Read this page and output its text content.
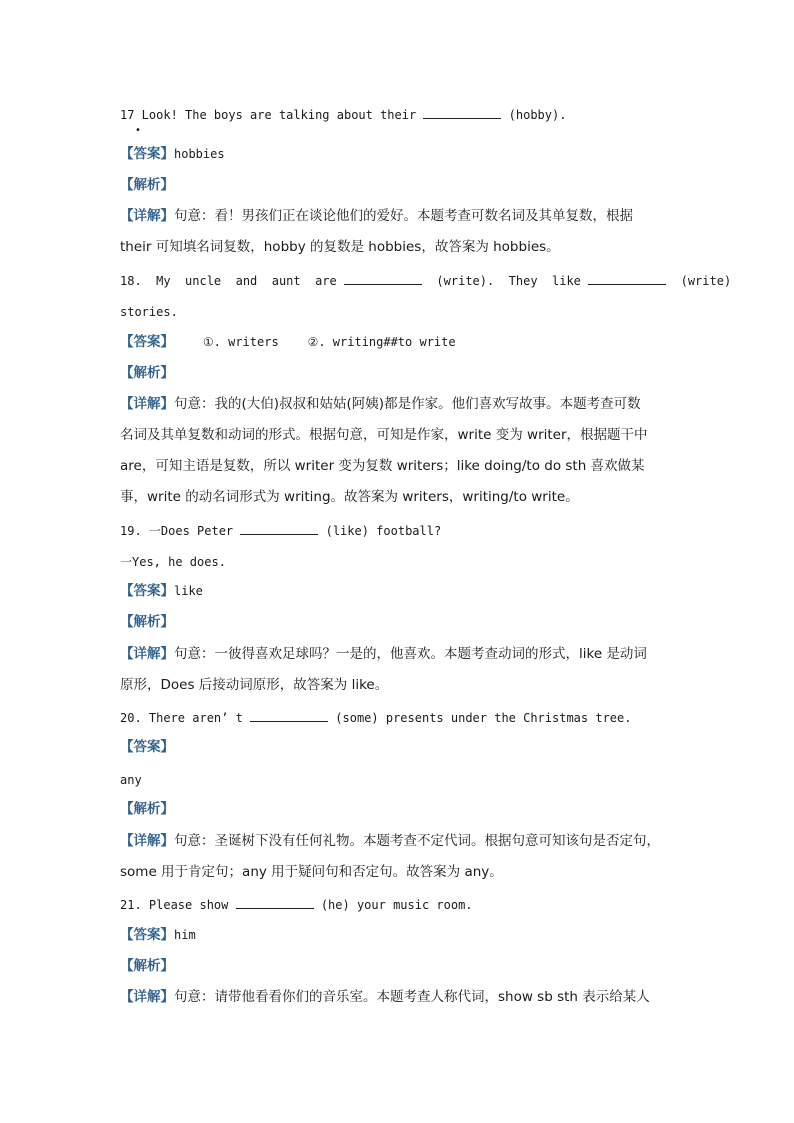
17 Look! The boys are talking about their	(hobby).
•
【答案】hobbies
【解析】
【详解】句意：看！男孩们正在谈论他们的爱好。本题考查可数名词及其单复数，根据
their 可知填名词复数，hobby 的复数是 hobbies，故答案为 hobbies。
18.  My  uncle  and  aunt  are	(write).  They  like	(write)
stories.
【答案】    ①. writers    ②. writing##to write
【解析】
【详解】句意：我的(大伯)叔叔和姑姑(阿姨)都是作家。他们喜欢写故事。本题考查可数
名词及其单复数和动词的形式。根据句意，可知是作家，write 变为 writer，根据题干中
are，可知主语是复数，所以 writer 变为复数 writers；like doing/to do sth 喜欢做某
事，write 的动名词形式为 writing。故答案为 writers，writing/to write。
19. 一Does Peter	(like) football?
一Yes, he does.
【答案】like
【解析】
【详解】句意：一彼得喜欢足球吗？一是的，他喜欢。本题考查动词的形式，like 是动词
原形，Does 后接动词原形，故答案为 like。
20. There aren’ t	(some) presents under the Christmas tree.
【答案】
any
【解析】
【详解】句意：圣诞树下没有任何礼物。本题考查不定代词。根据句意可知该句是否定句，
some 用于肯定句；any 用于疑问句和否定句。故答案为 any。
21. Please show	(he) your music room.
【答案】him
【解析】
【详解】句意：请带他看看你们的音乐室。本题考查人称代词，show sb sth 表示给某人
